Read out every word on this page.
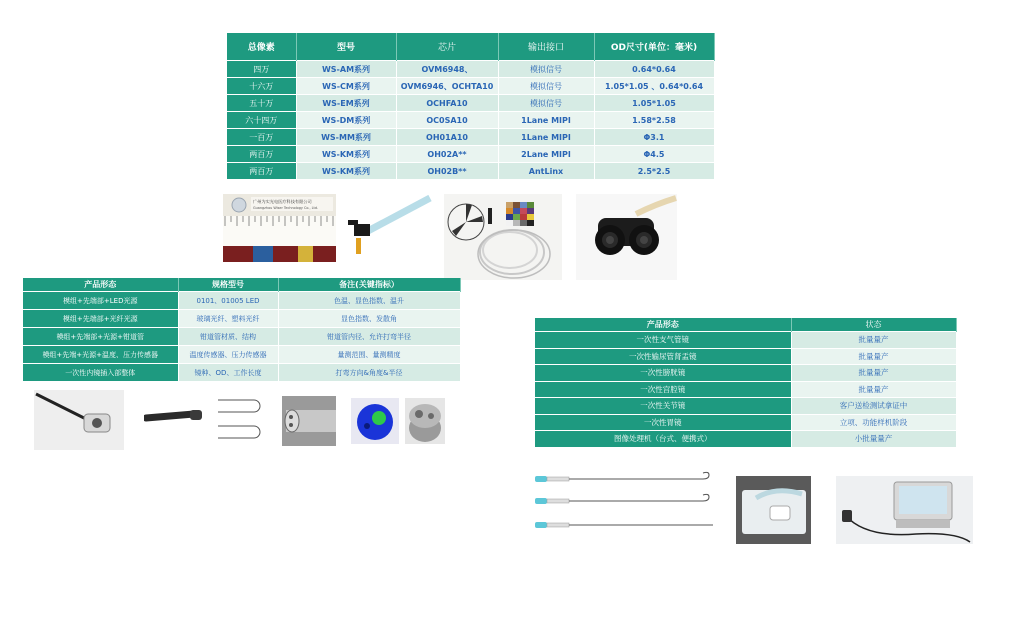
总像素	型号	芯片	输出接口	OD尺寸(单位：毫米)
四万	WS-AM系列	OVM6948、	模拟信号	0.64*0.64
十六万	WS-CM系列	OVM6946、OCHTA10	模拟信号	1.05*1.05 、0.64*0.64
五十万	WS-EM系列	OCHFA10	模拟信号	1.05*1.05
六十四万	WS-DM系列	OC0SA10	1Lane MIPI	1.58*2.58
一百万	WS-MM系列	OH01A10	1Lane MIPI	Φ3.1
两百万	WS-KM系列	OH02A**	2Lane MIPI	Φ4.5
两百万	WS-KM系列	OH02B**	AntLinx	2.5*2.5
广州为实光电医疗科技有限公司
Guangzhou Wiser Technology Co., Ltd.
产品形态	规格型号	备注(关键指标）
模组+先端部+LED光源	0101、01005 LED	色温、显色指数、温升
模组+先端部+光纤光源	玻璃光纤、塑料光纤	显色指数、发散角
模组+先端部+光源+钳道管	钳道管材质、结构	钳道管内径、允许打弯半径
模组+先端+光源+温度、压力传感器	温度传感器、压力传感器	量测范围、量测精度
一次性内镜插入部整体	镜种、OD、工作长度	打弯方向&角度&半径
产品形态	状态
一次性支气管镜	批量量产
一次性输尿管肾盂镜	批量量产
一次性膀胱镜	批量量产
一次性宫腔镜	批量量产
一次性关节镜	客户送检测试拿证中
一次性胃镜	立项、功能样机阶段
图像处理机（台式、便携式）	小批量量产
